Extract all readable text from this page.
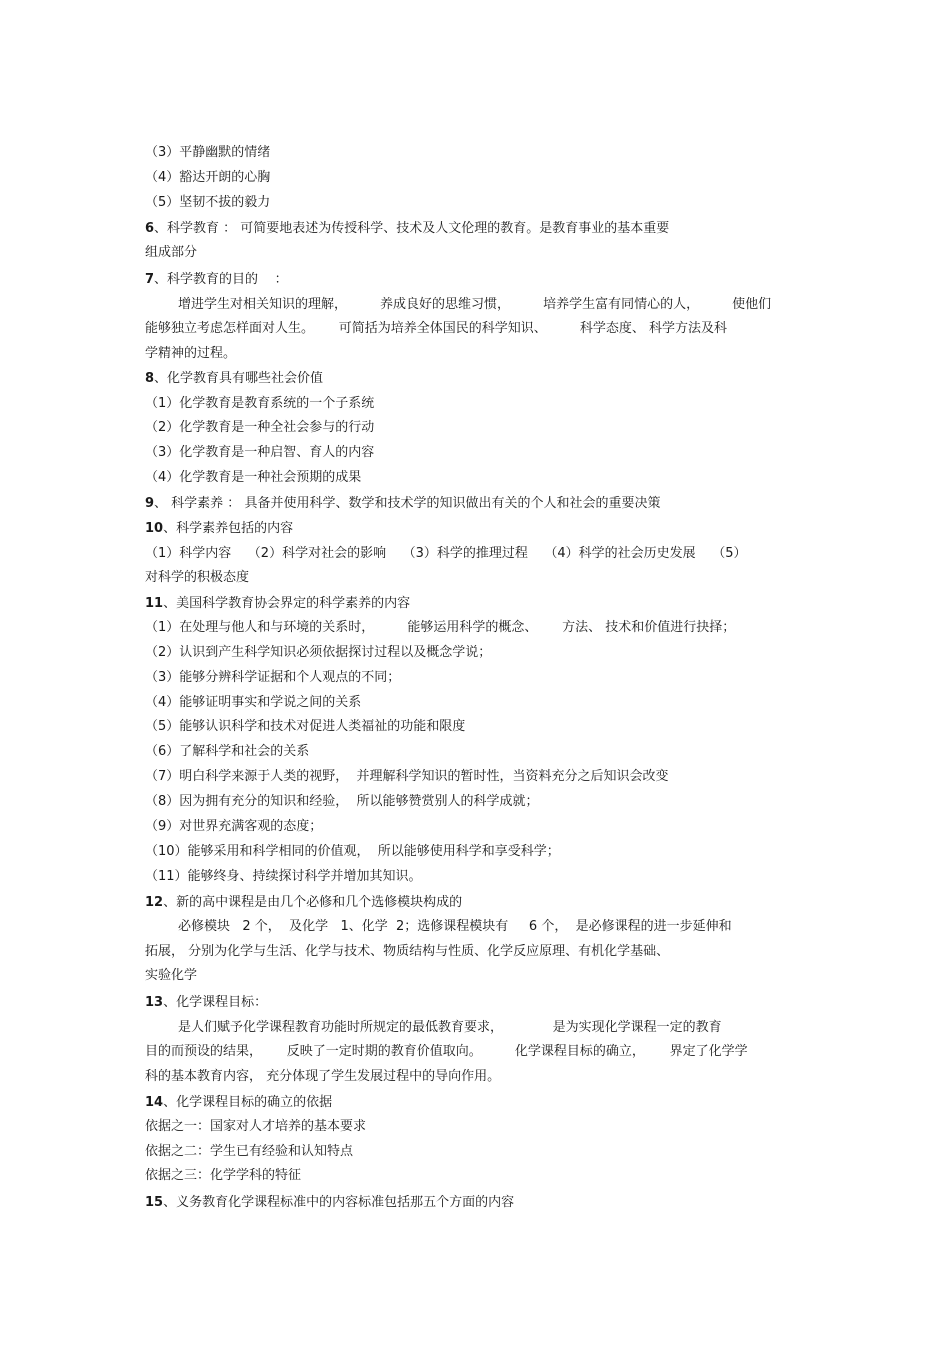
（3）平静幽默的情绪
（4）豁达开朗的心胸
（5）坚韧不拔的毅力
6、科学教育 ： 可简要地表述为传授科学、技术及人文伦理的教育。是教育事业的基本重要
组成部分
7、科学教育的目的    ：
增进学生对相关知识的理解，        养成良好的思维习惯，        培养学生富有同情心的人，        使他们
能够独立考虑怎样面对人生。      可简括为培养全体国民的科学知识、        科学态度、 科学方法及科
学精神的过程。
8、化学教育具有哪些社会价值
（1）化学教育是教育系统的一个子系统
（2）化学教育是一种全社会参与的行动
（3）化学教育是一种启智、育人的内容
（4）化学教育是一种社会预期的成果
9、 科学素养 ： 具备并使用科学、数学和技术学的知识做出有关的个人和社会的重要决策
10、科学素养包括的内容
（1）科学内容    （2）科学对社会的影响    （3）科学的推理过程    （4）科学的社会历史发展    （5）
对科学的积极态度
11、美国科学教育协会界定的科学素养的内容
（1）在处理与他人和与环境的关系时，        能够运用科学的概念、      方法、 技术和价值进行抉择；
（2）认识到产生科学知识必须依据探讨过程以及概念学说；
（3）能够分辨科学证据和个人观点的不同；
（4）能够证明事实和学说之间的关系
（5）能够认识科学和技术对促进人类福祉的功能和限度
（6）了解科学和社会的关系
（7）明白科学来源于人类的视野，  并理解科学知识的暂时性，当资料充分之后知识会改变
（8）因为拥有充分的知识和经验，  所以能够赞赏别人的科学成就；
（9）对世界充满客观的态度；
（10）能够采用和科学相同的价值观，  所以能够使用科学和享受科学；
（11）能够终身、持续探讨科学并增加其知识。
12、新的高中课程是由几个必修和几个选修模块构成的
必修模块   2 个，  及化学   1、化学  2；选修课程模块有     6 个，  是必修课程的进一步延伸和
拓展， 分别为化学与生活、化学与技术、物质结构与性质、化学反应原理、有机化学基础、
实验化学
13、化学课程目标：
是人们赋予化学课程教育功能时所规定的最低教育要求，            是为实现化学课程一定的教育
目的而预设的结果，      反映了一定时期的教育价值取向。        化学课程目标的确立，      界定了化学学
科的基本教育内容， 充分体现了学生发展过程中的导向作用。
14、化学课程目标的确立的依据
依据之一：国家对人才培养的基本要求
依据之二：学生已有经验和认知特点
依据之三：化学学科的特征
15、义务教育化学课程标准中的内容标准包括那五个方面的内容
